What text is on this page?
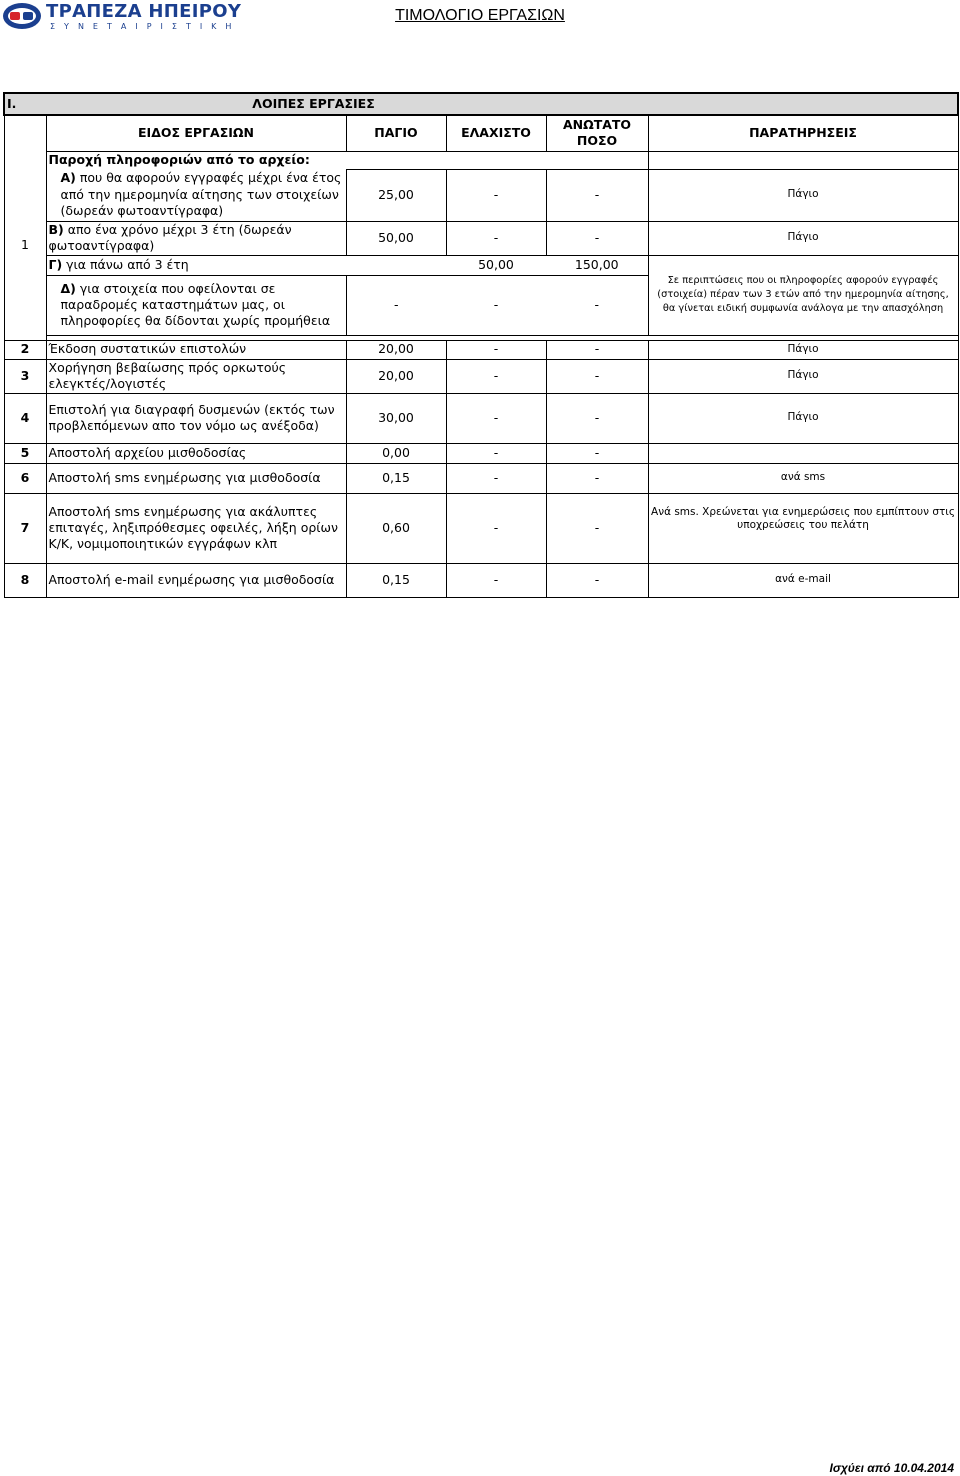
ΤΡΑΠΕΖΑ ΗΠΕΙΡΟΥ
ΣΥΝΕΤΑΙΡΙΣΤΙΚΗ
ΤΙΜΟΛΟΓΙΟ ΕΡΓΑΣΙΩΝ
I.	ΛΟΙΠΕΣ ΕΡΓΑΣΙΕΣ				
	ΕΙΔΟΣ ΕΡΓΑΣΙΩΝ	ΠΑΓΙΟ	ΕΛΑΧΙΣΤΟ	ΑΝΩΤΑΤΟ
ΠΟΣΟ	ΠΑΡΑΤΗΡΗΣΕΙΣ
1	Παροχή πληροφοριών από το αρχείο:				
	Α) που θα αφορούν εγγραφές μέχρι ένα έτος από την ημερομηνία αίτησης των στοιχείων (δωρεάν φωτοαντίγραφα)	25,00	-	-	Πάγιο
	Β) απο ένα χρόνο μέχρι 3 έτη (δωρεάν φωτοαντίγραφα)	50,00	-	-	Πάγιο
	Γ) για πάνω από 3 έτη		50,00	150,00	Σε περιπτώσεις που οι πληροφορίες αφορούν εγγραφές (στοιχεία) πέραν των 3 ετών από την ημερομηνία αίτησης, θα γίνεται ειδική συμφωνία ανάλογα με την απασχόληση
	Δ) για στοιχεία που οφείλονται σε παραδρομές καταστημάτων μας, οι πληροφορίες θα δίδονται χωρίς προμήθεια	-	-	-	

2	Έκδοση συστατικών επιστολών	20,00	-	-	Πάγιο
3	Χορήγηση βεβαίωσης πρός ορκωτούς ελεγκτές/λογιστές	20,00	-	-	Πάγιο
4	Επιστολή για διαγραφή δυσμενών (εκτός των προβλεπόμενων απο τον νόμο ως ανέξοδα)	30,00	-	-	Πάγιο
5	Αποστολή αρχείου μισθοδοσίας	0,00	-	-	
6	Αποστολή sms ενημέρωσης για μισθοδοσία	0,15	-	-	ανά sms
7	Αποστολή sms ενημέρωσης για ακάλυπτες επιταγές, ληξιπρόθεσμες οφειλές, λήξη ορίων Κ/Κ, νομιμοποιητικών εγγράφων κλπ	0,60	-	-	Ανά sms. Χρεώνεται για ενημερώσεις που εμπίπτουν στις υποχρεώσεις του πελάτη
8	Αποστολή e-mail ενημέρωσης για μισθοδοσία	0,15	-	-	ανά e-mail
Ισχύει από 10.04.2014
